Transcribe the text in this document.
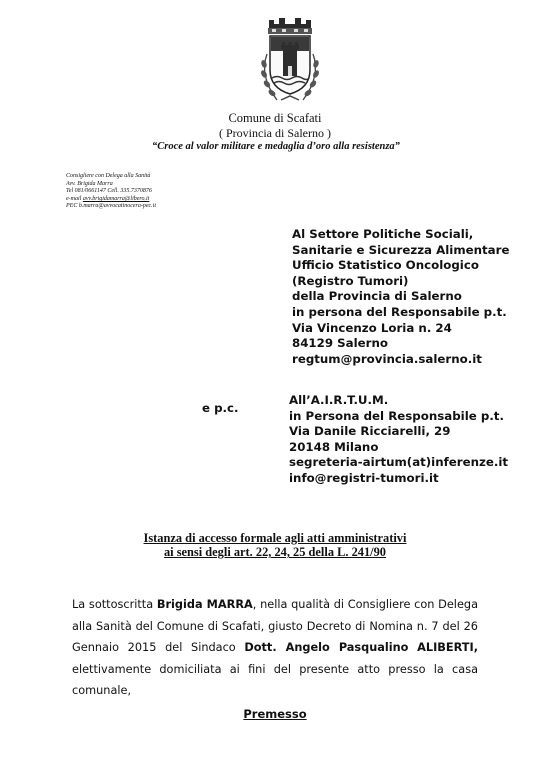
Comune di Scafati
( Provincia di Salerno )
“Croce al valor militare e medaglia d’oro alla resistenza”
Consigliere con Delega alla Sanità
Avv. Brigida Marra
Tel 081/0661147 Cell. 335.7370876
e-mail avv.brigidamarra@libero.it
PEC b.marra@avvocatinocera-pec.it
Al Settore Politiche Sociali,
Sanitarie e Sicurezza Alimentare
Ufficio Statistico Oncologico
(Registro Tumori)
della Provincia di Salerno
in persona del Responsabile p.t.
Via Vincenzo Loria n. 24
84129 Salerno
regtum@provincia.salerno.it
e p.c.
All’A.I.R.T.U.M.
in Persona del Responsabile p.t.
Via Danile Ricciarelli, 29
20148 Milano
segreteria-airtum(at)inferenze.it
info@registri-tumori.it
Istanza di accesso formale agli atti amministrativi
ai sensi degli art. 22, 24, 25 della L. 241/90
La sottoscritta Brigida MARRA, nella qualità di Consigliere con Delega alla Sanità del Comune di Scafati, giusto Decreto di Nomina n. 7 del 26 Gennaio 2015 del Sindaco Dott. Angelo Pasqualino ALIBERTI, elettivamente domiciliata ai fini del presente atto presso la casa comunale,
Premesso
